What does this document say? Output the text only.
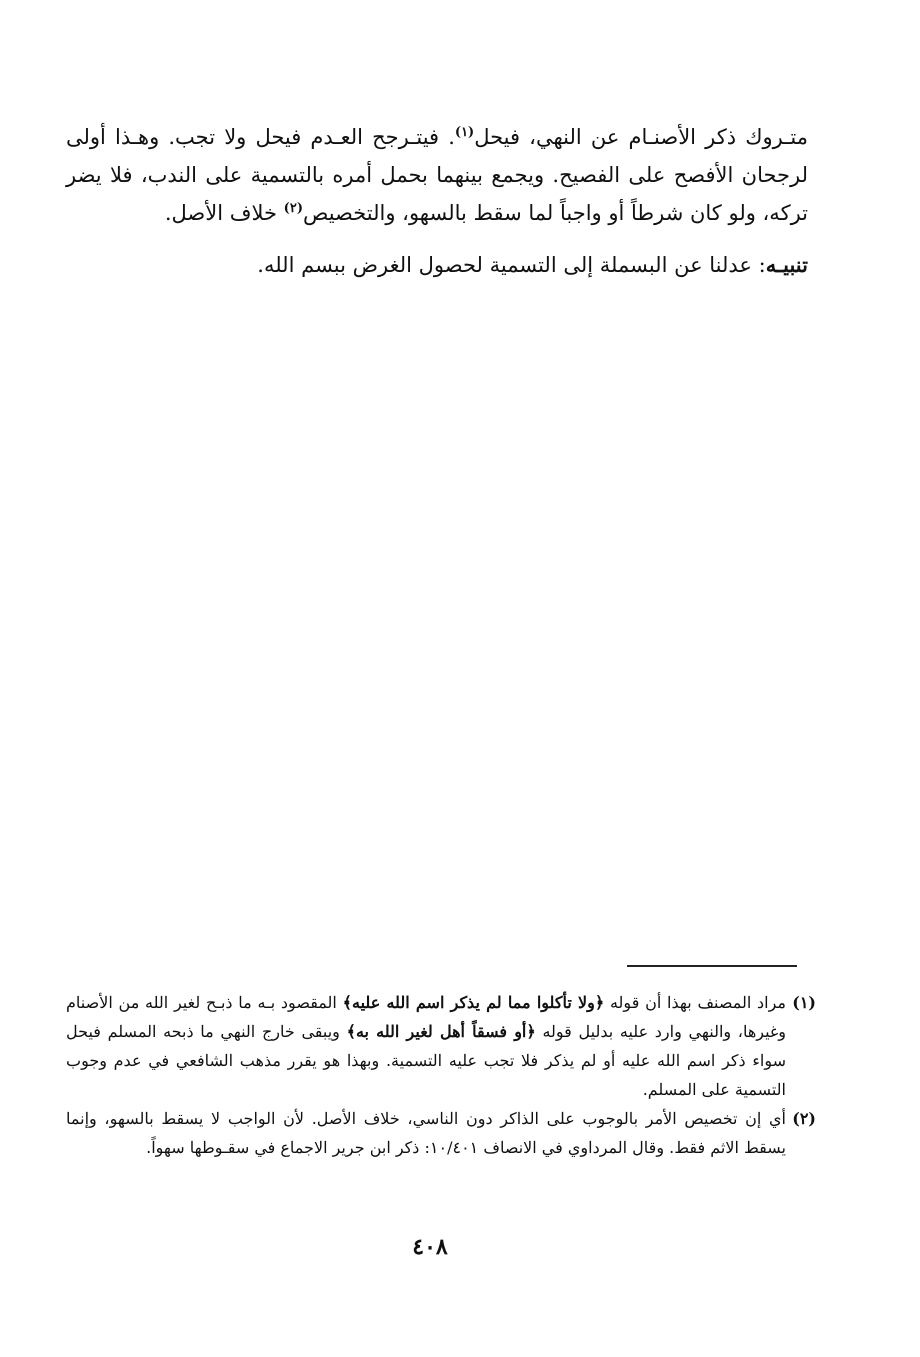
متـروك ذكر الأصنـام عن النهي، فيحل$^{(١)}$. فيتـرجح العـدم فيحل ولا تجب. وهـذا أولى لرجحان الأفصح على الفصيح. ويجمع بينهما بحمل أمره بالتسمية على الندب، فلا يضر تركه، ولو كان شرطاً أو واجباً لما سقط بالسهو، والتخصيص$^{(٢)}$ خلاف الأصل.

تنبيـه: عدلنا عن البسملة إلى التسمية لحصول الغرض ببسم الله.
(١)
مراد المصنف بهذا أن قوله ﴿ولا تأكلوا مما لم يذكر اسم الله عليه﴾ المقصود بـه ما ذبـح لغير الله من الأصنام وغيرها، والنهي وارد عليه بدليل قوله ﴿أو فسقاً أهل لغير الله به﴾ ويبقى خارج النهي ما ذبحه المسلم فيحل سواء ذكر اسم الله عليه أو لم يذكر فلا تجب عليه التسمية. وبهذا هو يقرر مذهب الشافعي في عدم وجوب التسمية على المسلم.
(٢)
أي إن تخصيص الأمر بالوجوب على الذاكر دون الناسي، خلاف الأصل. لأن الواجب لا يسقط بالسهو، وإنما يسقط الاثم فقط. وقال المرداوي في الانصاف ١٠/٤٠١: ذكر ابن جرير الاجماع في سقـوطها سهواً.
٤٠٨
